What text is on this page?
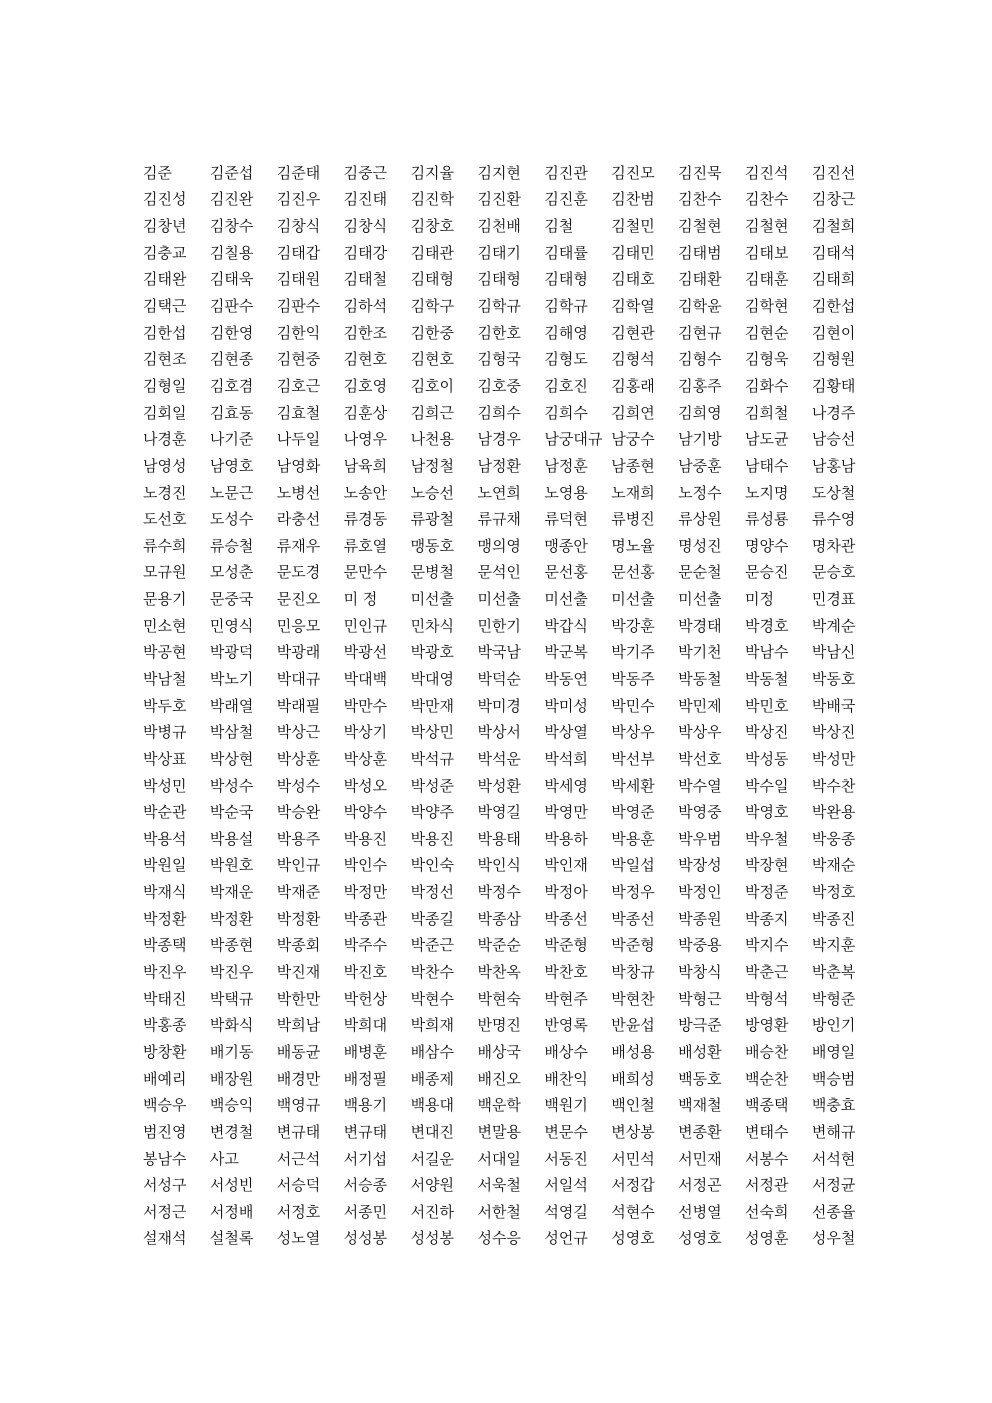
김준	김준섭	김준태	김중근	김지율	김지현	김진관	김진모	김진묵	김진석	김진선
김진성	김진완	김진우	김진태	김진학	김진환	김진훈	김찬범	김찬수	김찬수	김창근
김창년	김창수	김창식	김창식	김창호	김천배	김철	김철민	김철현	김철현	김철희
김충교	김칠용	김태갑	김태강	김태관	김태기	김태률	김태민	김태범	김태보	김태석
김태완	김태욱	김태원	김태철	김태형	김태형	김태형	김태호	김태환	김태훈	김태희
김택근	김판수	김판수	김하석	김학구	김학규	김학규	김학열	김학윤	김학현	김한섭
김한섭	김한영	김한익	김한조	김한중	김한호	김해영	김현관	김현규	김현순	김현이
김현조	김현종	김현중	김현호	김현호	김형국	김형도	김형석	김형수	김형욱	김형원
김형일	김호겸	김호근	김호영	김호이	김호중	김호진	김홍래	김홍주	김화수	김황태
김회일	김효동	김효철	김훈상	김희근	김희수	김희수	김희연	김희영	김희철	나경주
나경훈	나기준	나두일	나영우	나천용	남경우	남궁대규 남궁수	남기방	남도균	남승선
남영성	남영호	남영화	남육희	남정철	남정환	남정훈	남종현	남중훈	남태수	남홍남
노경진	노문근	노병선	노송안	노승선	노연희	노영용	노재희	노정수	노지명	도상철
도선호	도성수	라충선	류경동	류광철	류규채	류덕현	류병진	류상원	류성룡	류수영
류수희	류승철	류재우	류호열	맹동호	맹의영	맹종안	명노율	명성진	명양수	명차관
모규원	모성춘	문도경	문만수	문병철	문석인	문선홍	문선홍	문순철	문승진	문승호
문용기	문중국	문진오	미 정	미선출	미선출	미선출	미선출	미선출	미정	민경표
민소현	민영식	민응모	민인규	민차식	민한기	박갑식	박강훈	박경태	박경호	박계순
박공현	박광덕	박광래	박광선	박광호	박국남	박군복	박기주	박기천	박남수	박남신
박남철	박노기	박대규	박대백	박대영	박덕순	박동연	박동주	박동철	박동철	박동호
박두호	박래열	박래필	박만수	박만재	박미경	박미성	박민수	박민제	박민호	박배국
박병규	박삼철	박상근	박상기	박상민	박상서	박상열	박상우	박상우	박상진	박상진
박상표	박상현	박상훈	박상훈	박석규	박석운	박석희	박선부	박선호	박성동	박성만
박성민	박성수	박성수	박성오	박성준	박성환	박세영	박세환	박수열	박수일	박수찬
박순관	박순국	박승완	박양수	박양주	박영길	박영만	박영준	박영중	박영호	박완용
박용석	박용설	박용주	박용진	박용진	박용태	박용하	박용훈	박우범	박우철	박웅종
박원일	박원호	박인규	박인수	박인숙	박인식	박인재	박일섭	박장성	박장현	박재순
박재식	박재운	박재준	박정만	박정선	박정수	박정아	박정우	박정인	박정준	박정호
박정환	박정환	박정환	박종관	박종길	박종삼	박종선	박종선	박종원	박종지	박종진
박종택	박종현	박종회	박주수	박준근	박준순	박준형	박준형	박중용	박지수	박지훈
박진우	박진우	박진재	박진호	박찬수	박찬옥	박찬호	박창규	박창식	박춘근	박춘복
박태진	박택규	박한만	박헌상	박현수	박현숙	박현주	박현찬	박형근	박형석	박형준
박홍종	박화식	박희남	박희대	박희재	반명진	반영록	반윤섭	방극준	방영환	방인기
방창환	배기동	배동균	배병훈	배삼수	배상국	배상수	배성용	배성환	배승찬	배영일
배예리	배장원	배경만	배정필	배종제	배진오	배찬익	배희성	백동호	백순찬	백승범
백승우	백승익	백영규	백용기	백용대	백운학	백원기	백인철	백재철	백종택	백충효
범진영	변경철	변규태	변규태	변대진	변말용	변문수	변상봉	변종환	변태수	변해규
봉남수	사고	서근석	서기섭	서길운	서대일	서동진	서민석	서민재	서봉수	서석현
서성구	서성빈	서승덕	서승종	서양원	서욱철	서일석	서정갑	서정곤	서정관	서정균
서정근	서정배	서정호	서종민	서진하	서한철	석영길	석현수	선병열	선숙희	선종율
설재석	설철록	성노열	성성봉	성성봉	성수응	성언규	성영호	성영호	성영훈	성우철
